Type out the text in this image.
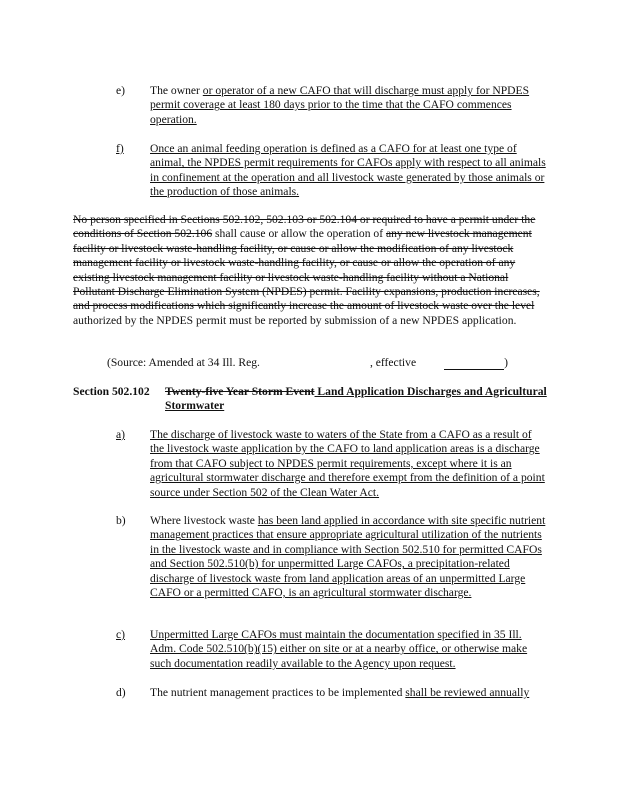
e)	The owner or operator of a new CAFO that will discharge must apply for NPDES permit coverage at least 180 days prior to the time that the CAFO commences operation.
f)	Once an animal feeding operation is defined as a CAFO for at least one type of animal, the NPDES permit requirements for CAFOs apply with respect to all animals in confinement at the operation and all livestock waste generated by those animals or the production of those animals.
No person specified in Sections 502.102, 502.103 or 502.104 or required to have a permit under the conditions of Section 502.106 shall cause or allow the operation of any new livestock management facility or livestock waste-handling facility, or cause or allow the modification of any livestock management facility or livestock waste-handling facility, or cause or allow the operation of any existing livestock management facility or livestock waste-handling facility without a National Pollutant Discharge Elimination System (NPDES) permit. Facility expansions, production increases, and process modifications which significantly increase the amount of livestock waste over the level authorized by the NPDES permit must be reported by submission of a new NPDES application.
(Source: Amended at 34 Ill. Reg.	, effective	)
Section 502.102	Twenty-five Year Storm Event Land Application Discharges and Agricultural Stormwater
a)	The discharge of livestock waste to waters of the State from a CAFO as a result of the livestock waste application by the CAFO to land application areas is a discharge from that CAFO subject to NPDES permit requirements, except where it is an agricultural stormwater discharge and therefore exempt from the definition of a point source under Section 502 of the Clean Water Act.
b)	Where livestock waste has been land applied in accordance with site specific nutrient management practices that ensure appropriate agricultural utilization of the nutrients in the livestock waste and in compliance with Section 502.510 for permitted CAFOs and Section 502.510(b) for unpermitted Large CAFOs, a precipitation-related discharge of livestock waste from land application areas of an unpermitted Large CAFO or a permitted CAFO, is an agricultural stormwater discharge.
c)	Unpermitted Large CAFOs must maintain the documentation specified in 35 Ill. Adm. Code 502.510(b)(15) either on site or at a nearby office, or otherwise make such documentation readily available to the Agency upon request.
d)	The nutrient management practices to be implemented shall be reviewed annually
